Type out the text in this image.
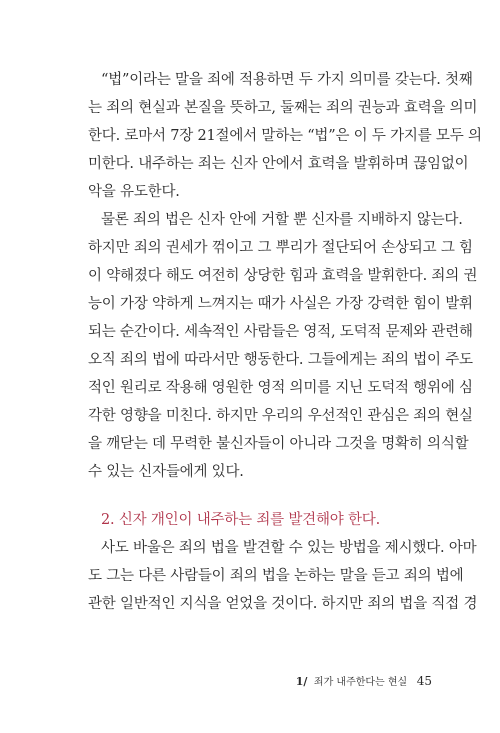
“법”이라는 말을 죄에 적용하면 두 가지 의미를 갖는다. 첫째
는 죄의 현실과 본질을 뜻하고, 둘째는 죄의 권능과 효력을 의미
한다. 로마서 7장 21절에서 말하는 “법”은 이 두 가지를 모두 의
미한다. 내주하는 죄는 신자 안에서 효력을 발휘하며 끊임없이
악을 유도한다.
물론 죄의 법은 신자 안에 거할 뿐 신자를 지배하지 않는다.
하지만 죄의 권세가 꺾이고 그 뿌리가 절단되어 손상되고 그 힘
이 약해졌다 해도 여전히 상당한 힘과 효력을 발휘한다. 죄의 권
능이 가장 약하게 느껴지는 때가 사실은 가장 강력한 힘이 발휘
되는 순간이다. 세속적인 사람들은 영적, 도덕적 문제와 관련해
오직 죄의 법에 따라서만 행동한다. 그들에게는 죄의 법이 주도
적인 원리로 작용해 영원한 영적 의미를 지닌 도덕적 행위에 심
각한 영향을 미친다. 하지만 우리의 우선적인 관심은 죄의 현실
을 깨닫는 데 무력한 불신자들이 아니라 그것을 명확히 의식할
수 있는 신자들에게 있다.
2. 신자 개인이 내주하는 죄를 발견해야 한다.
사도 바울은 죄의 법을 발견할 수 있는 방법을 제시했다. 아마
도 그는 다른 사람들이 죄의 법을 논하는 말을 듣고 죄의 법에
관한 일반적인 지식을 얻었을 것이다. 하지만 죄의 법을 직접 경
1/ 죄가 내주한다는 현실 45
